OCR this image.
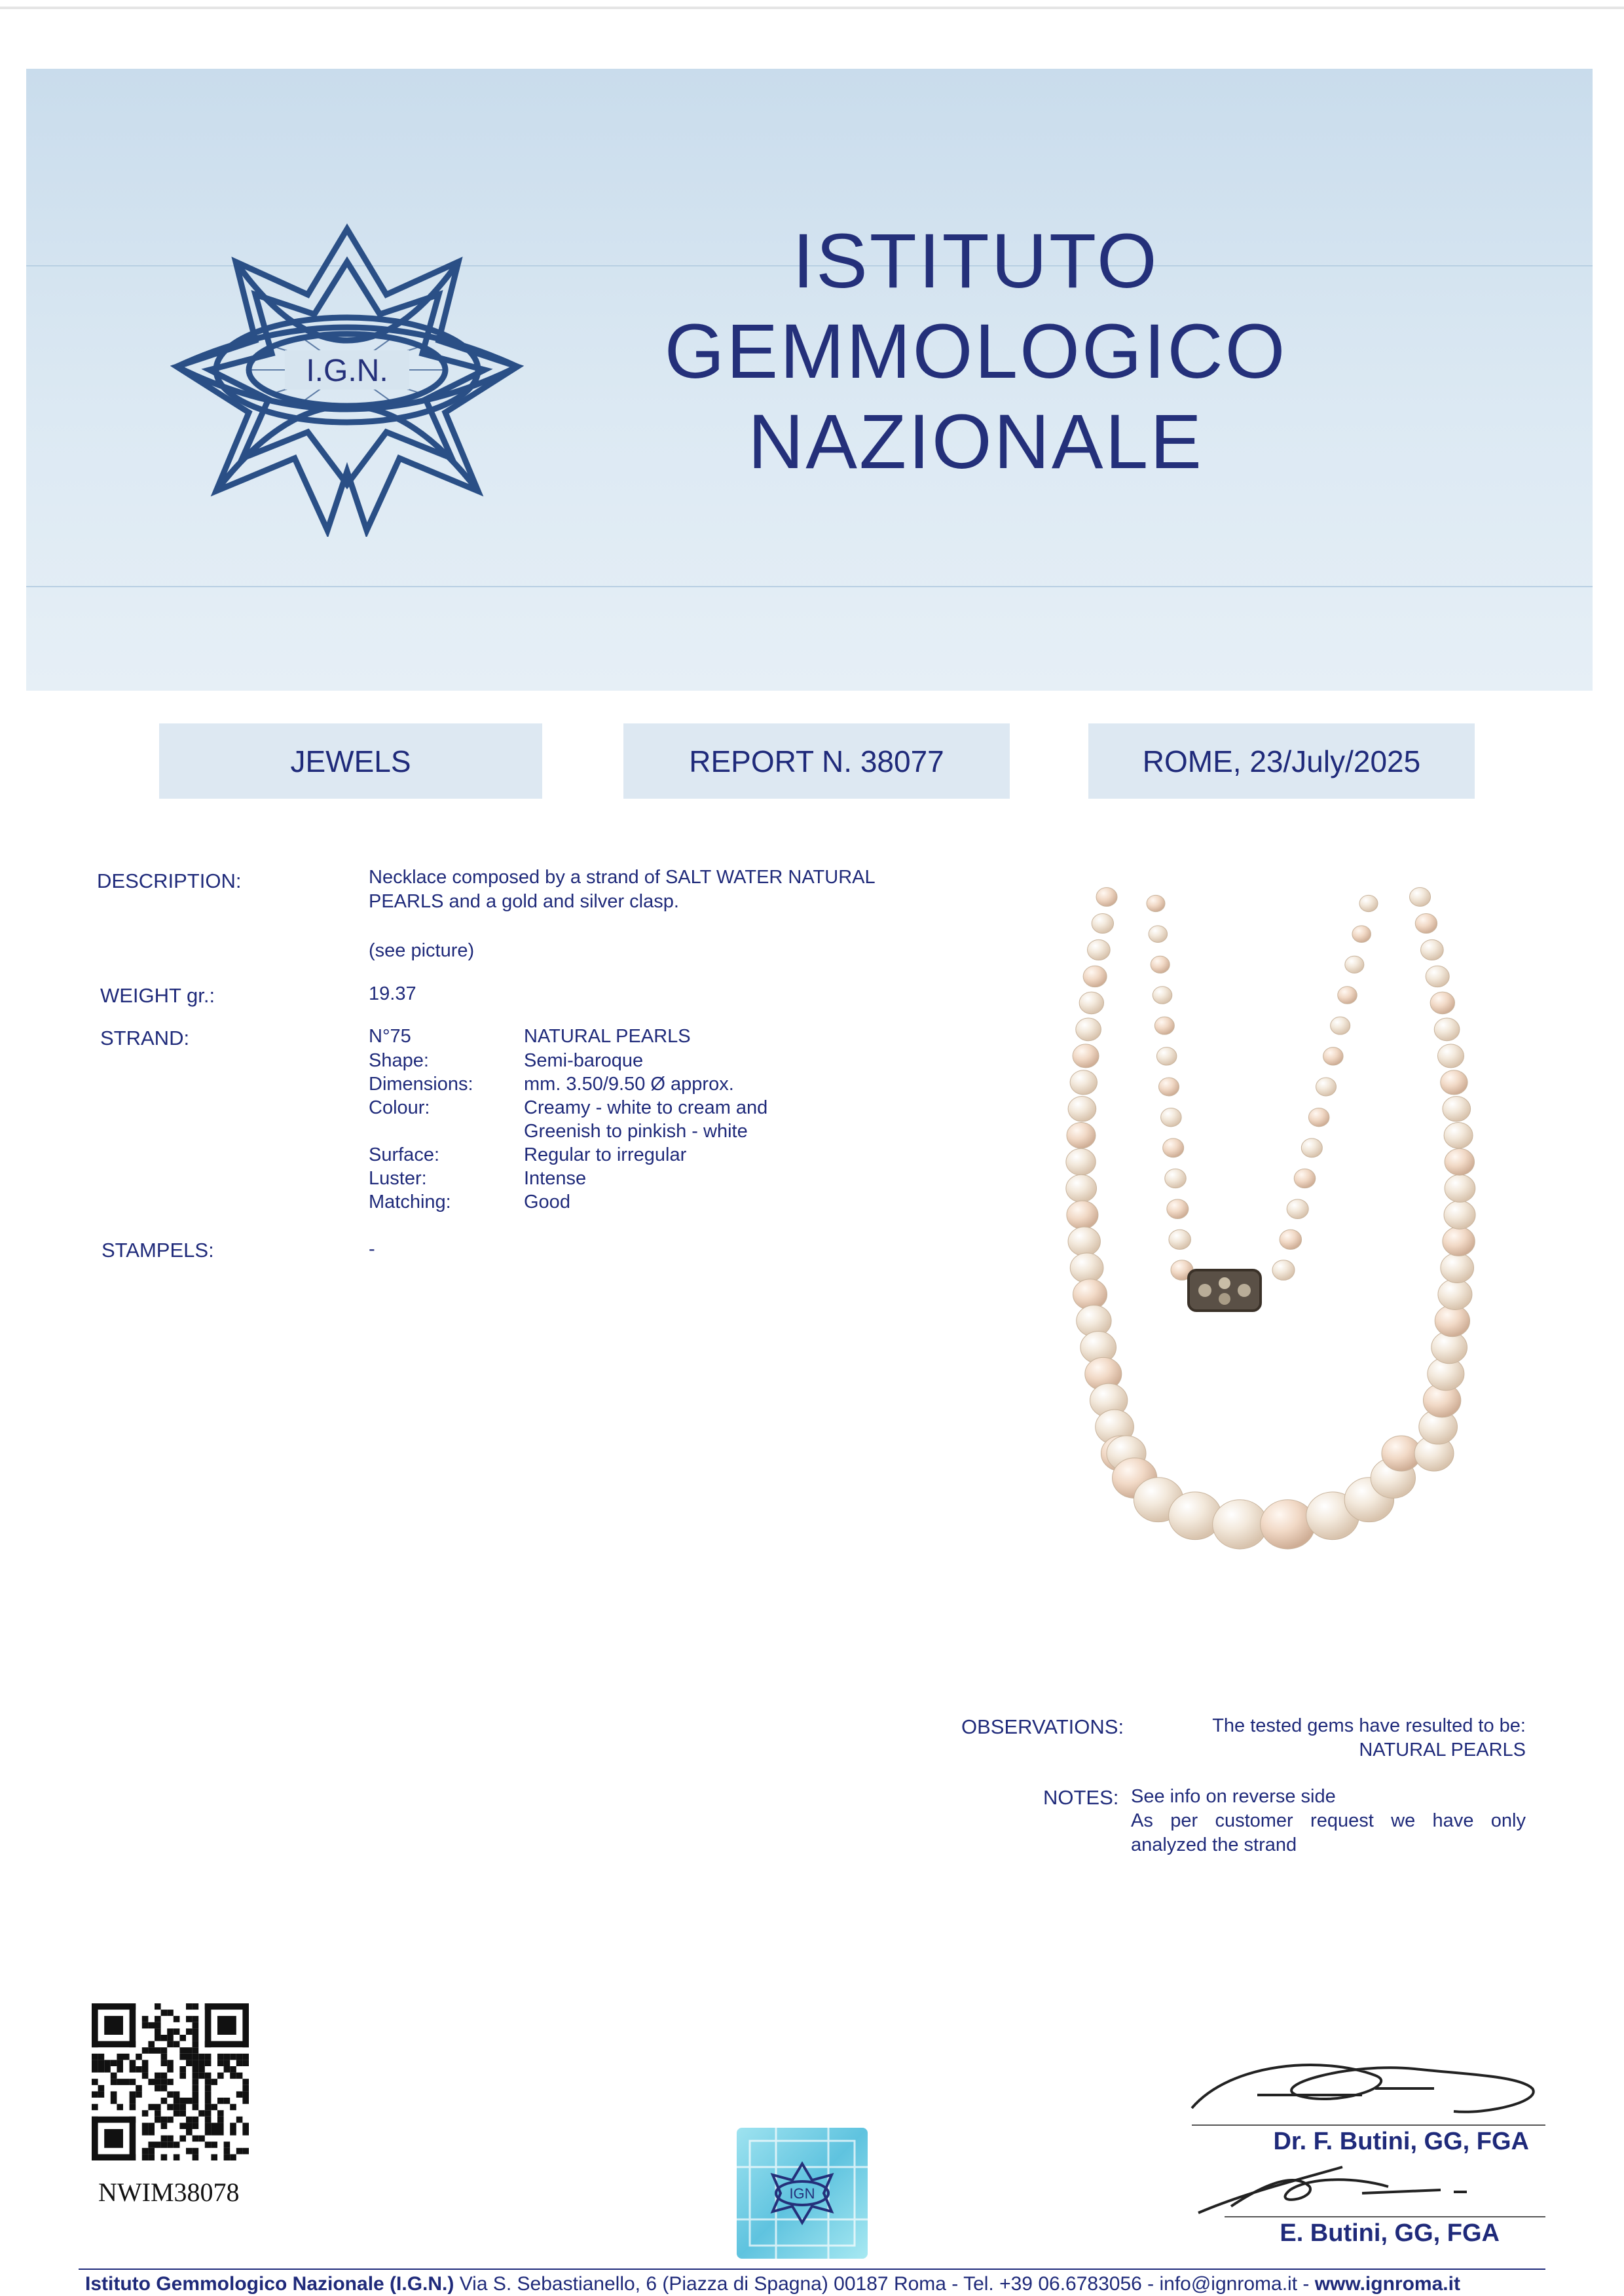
I.G.N.
ISTITUTO
GEMMOLOGICO
NAZIONALE
JEWELS	REPORT N. 38077	ROME, 23/July/2025
DESCRIPTION:	Necklace composed by a strand of SALT WATER NATURAL
PEARLS and a gold and silver clasp.
(see picture)
WEIGHT gr.:	19.37
STRAND:	N°75	NATURAL PEARLS
Shape:	Semi-baroque
Dimensions:	mm. 3.50/9.50 Ø approx.
Colour:	Creamy - white to cream and
Greenish to pinkish - white
Surface:	Regular to irregular
Luster:	Intense
Matching:	Good
STAMPELS:	-
OBSERVATIONS:	The tested gems have resulted to be:
NATURAL PEARLS
NOTES: See info on reverse side
As per customer request we have only
analyzed the strand
NWIM38078	IGN
Dr. F. Butini, GG, FGA
E. Butini, GG, FGA
Istituto Gemmologico Nazionale (I.G.N.) Via S. Sebastianello, 6 (Piazza di Spagna) 00187 Roma - Tel. +39 06.6783056 - info@ignroma.it - www.ignroma.it
